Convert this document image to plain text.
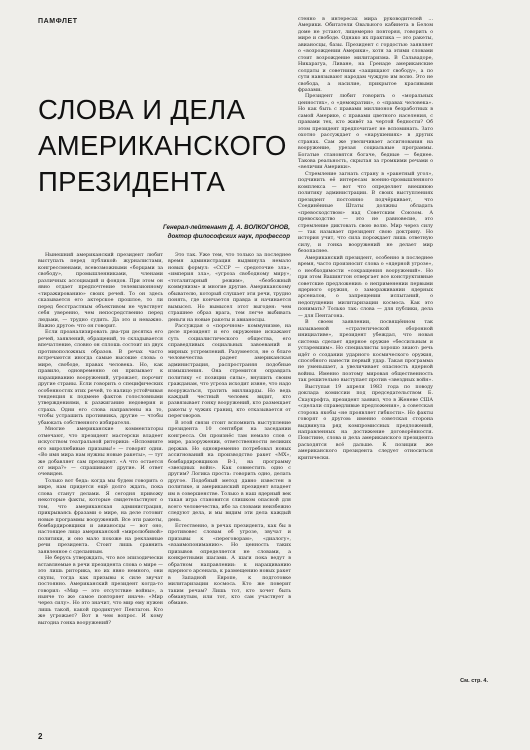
ПАМФЛЕТ
СЛОВА И ДЕЛА
АМЕРИКАНСКОГО
ПРЕЗИДЕНТА
Генерал-лейтенант Д. А. ВОЛКОГОНОВ,
доктор философских наук, профессор

Нынешний американский президент любит выступать перед публикой: журналистами, конгрессменами, всевозможными «борцами за свободу», промышленниками, членами различных ассоциаций и фондов. При этом он явно отдает предпочтение телевизионному «тиражированию» своих речей. То он здесь сказывается его актерское прошлое, то ли перед бесстрастным объективом не чувствует себя уверенно, чем непосредственно перед людьми, — трудно судить. Да это и неважно. Важно другое: что он говорит.

Если проанализировать два-три десятка его речей, заявлений, обращений, то складывается впечатление, словно он сплошь состоит из двух противоположных образов. В речах часто встречаются иногда самые высокие слова: о мире, свободе, правах человека. Но, как правило, одновременно он призывает к наращиванию вооружений, угрожает, порочит другие страны. Если говорить о специфических особенностях этих речей, то налицо устойчивая тенденция к подмене фактов голословными утверждениями, к разжиганию недоверия и страха. Одни его слова направлены на то, чтобы устрашить противника, другие — чтобы убаюкать собственного избирателя.

Многие американские комментаторы отмечают, что президент мастерски владеет искусством театральной риторики: «Вспомните его миролюбивые призывы!» — говорят одни. «Во имя мира нам нужны новые ракеты», — тут же добавляет сам президент. «А что остается от мира?» — спрашивают другие. И ответ очевиден.

Только вот беда: когда мы будем говорить о мире, нам придется ещё долго ждать, пока слова станут делами. Я сегодня привожу некоторые факты, которые свидетельствуют о том, что американская администрация, прикрываясь фразами о мире, на деле готовит новые программы вооружений. Все эти ракеты, бомбардировщики и авианосцы — вот оно, настоящее лицо американской «миролюбивой» политики, и оно мало похоже на рекламные речи президента. Стоит лишь сравнить заявленное с сделанным.

Не берусь утверждать, что все эпизодически вставляемые в речи президента слова о мире — это лишь риторика, но их явно немного, они скупы, тогда как призывы к силе звучат постоянно. Американский президент когда-то говорил: «Мир — это отсутствие войны», а нынче то же самое повторяет иначе: «Мир через силу». Но это значит, что мир ему нужен лишь такой, какой продиктует Пентагон. Кто же угрожает? Вот в чем вопрос. И кому выгодна гонка вооружений?

Это так. Уже тем, что только за последнее время администрация выдвинула немало новых формул: «СССР — средоточие зла», «империя зла», «угроза свободному миру», «тоталитарный режим», «безбожный коммунизм» и многие другие. Американскому обывателю, который слушает эти речи, трудно понять, где кончается правда и начинается вымысел. Но вымысел этот выгоден: чем страшнее образ врага, тем легче выбивать деньги на новые ракеты и авианосцы.

Рассуждая о «порочном» коммунизме, на деле президент и его окружение искажают суть социалистического общества, его справедливых социальных завоеваний и мирных устремлений. Разумеется, не о благе человечества радеет американская администрация, распространяя подобные измышления. Она стремится оправдать политику «с позиции силы», внушить своим гражданам, что угроза исходит извне, что надо вооружаться, тратить миллиарды. Но ведь каждый честный человек видит, кто развязывает гонку вооружений, кто размещает ракеты у чужих границ, кто отказывается от переговоров.

В этой связи стоит вспомнить выступление президента 10 сентября на заседании конгресса. Он произнёс там немало слов о мире, разоружении, ответственности великих держав. Но одновременно потребовал новых ассигнований на производство ракет «MX», бомбардировщиков B-1, на программу «звездных войн». Как совместить одно с другим? Логика проста: говорить одно, делать другое. Подобный метод давно известен в политике, и американский президент владеет им в совершенстве. Только в наш ядерный век такая игра становится слишком опасной для всего человечества, ибо за словами неизбежно следуют дела, и мы видим эти дела каждый день.

Естественно, в речах президента, как бы в противовес словам об угрозе, звучат и призывы к «переговорам», «диалогу», «взаимопониманию». Но ценность таких призывов определяется не словами, а конкретными шагами. А шаги пока ведут в обратном направлении: к наращиванию ядерного арсенала, к размещению новых ракет в Западной Европе, к подготовке милитаризации космоса. Кто же поверит таким речам? Лишь тот, кто хочет быть обманутым, или тот, кто сам участвует в обмане.

стенно в интересах мира руководителей ... Америки. Обитатели Овального кабинета в Белом доме не устают, лицемерно повторяя, говорить о мире и свободе. Однако их практика — это ракеты, авианосцы, базы. Президент с гордостью заявляет о «возрождении Америки», хотя за этими словами стоит возрождение милитаризма. В Сальвадоре, Никарагуа, Ливане, на Гренаде американские солдаты и советники «защищают свободу», а по сути навязывают народам чуждую им волю. Это не свобода, а насилие, прикрытое красивыми фразами.

Президент любит говорить о «моральных ценностях», о «демократии», о «правах человека». Но как быть с правами миллионов безработных в самой Америке, с правами цветного населения, с правами тех, кто живёт за чертой бедности? Об этом президент предпочитает не вспоминать. Зато охотно рассуждает о «нарушениях» в других странах. Сам же увеличивает ассигнования на вооружение, урезая социальные программы. Богатые становятся богаче, бедные — беднее. Такова реальность, скрытая за громкими речами о «величии Америки».

Стремление загнать страну в «ракетный угол», подчинить её интересам военно-промышленного комплекса — вот что определяет внешнюю политику администрации. В своих выступлениях президент постоянно подчёркивает, что Соединённые Штаты должны обладать «превосходством» над Советским Союзом. А превосходство — это не равновесие, это стремление диктовать свою волю. Мир через силу — так называет президент свою доктрину. Но история учит, что сила порождает лишь ответную силу, и гонка вооружений не делает мир безопаснее.

Американский президент, особенно в последнее время, часто произносит слова о «ядерной угрозе», о необходимости «сокращения вооружений». Но при этом Вашингтон отвергает все конструктивные советские предложения: о неприменении первыми ядерного оружия, о замораживании ядерных арсеналов, о запрещении испытаний, о недопущении милитаризации космоса. Как это понимать? Только так: слова — для публики, дела — для Пентагона.

В своем заявлении, посвящённом так называемой «стратегической оборонной инициативе», президент убеждал, что новая система сделает ядерное оружие «бессильным и устаревшим». Но специалисты хорошо знают: речь идёт о создании ударного космического оружия, способного нанести первый удар. Такая программа не уменьшает, а увеличивает опасность ядерной войны. Именно поэтому мировая общественность так решительно выступает против «звездных войн».

Выступая 19 апреля 1983 года по поводу доклада комиссии под председательством Б. Скаукрофта, президент заявил, что в Женеве США «сделали справедливые предложения», а советская сторона якобы «не проявляет гибкости». Но факты говорят о другом: именно советская сторона выдвинула ряд компромиссных предложений, направленных на достижение договорённости. Поистине, слова и дела американского президента расходятся всё дальше. К позиции же американского президента следует относиться критически.

См. стр. 4.
2
